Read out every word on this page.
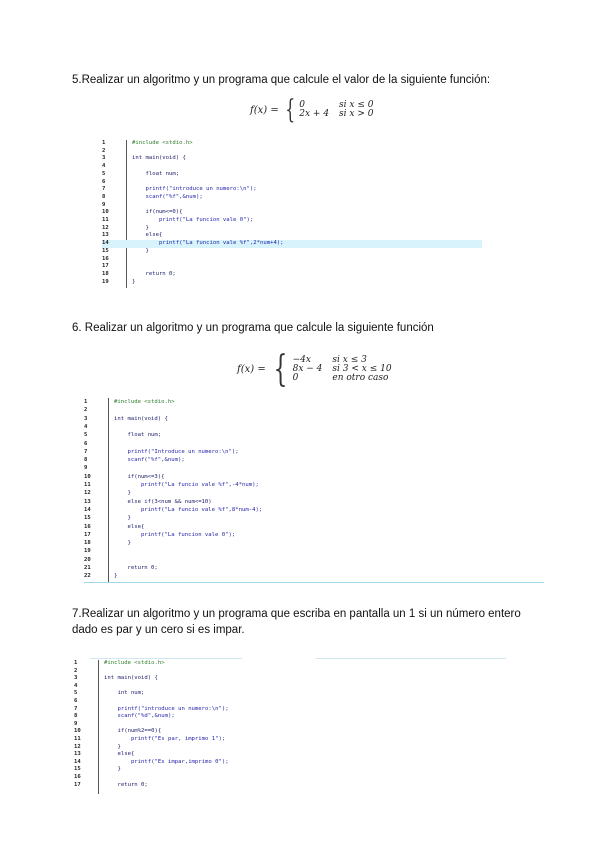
5.Realizar un algoritmo y un programa que calcule el valor de la siguiente función:
f(x) = { 0	si x ≤ 0
2x + 4 si x > 0
1	#include <stdio.h>
2
3	int main(void) {
4
5	float num;
6
7	printf("introduce un numero:\n");
8	scanf("%f",&num);
9
10	if(num<=0){
11	printf("La funcion vale 0");
12	}
13	else{
14	printf("La funcion vale %f",2*num+4);
15	}
16
17
18	return 0;
19	}
6. Realizar un algoritmo y un programa que calcule la siguiente función
f(x) = { −4x	si x ≤ 3
8x − 4 si 3 < x ≤ 10
0	en otro caso
1	#include <stdio.h>
2
3	int main(void) {
4
5	float num;
6
7	printf("Introduce un numero:\n");
8	scanf("%f",&num);
9
10	if(num<=3){
11	printf("La funcio vale %f",-4*num);
12	}
13	else if(3<num && num<=10)
14	printf("La funcio vale %f",8*num-4);
15	}
16	else{
17	printf("La funcion vale 0");
18	}
19
20
21	return 0;
22	}
7.Realizar un algoritmo y un programa que escriba en pantalla un 1 si un número entero dado es par y un cero si es impar.
1	#include <stdio.h>
2
3	int main(void) {
4
5	int num;
6
7	printf("introduce un numero:\n");
8	scanf("%d",&num);
9
10	if(num%2==0){
11	printf("Es par, imprimo 1");
12	}
13	else{
14	printf("Es impar,imprimo 0");
15	}
16
17	return 0;
